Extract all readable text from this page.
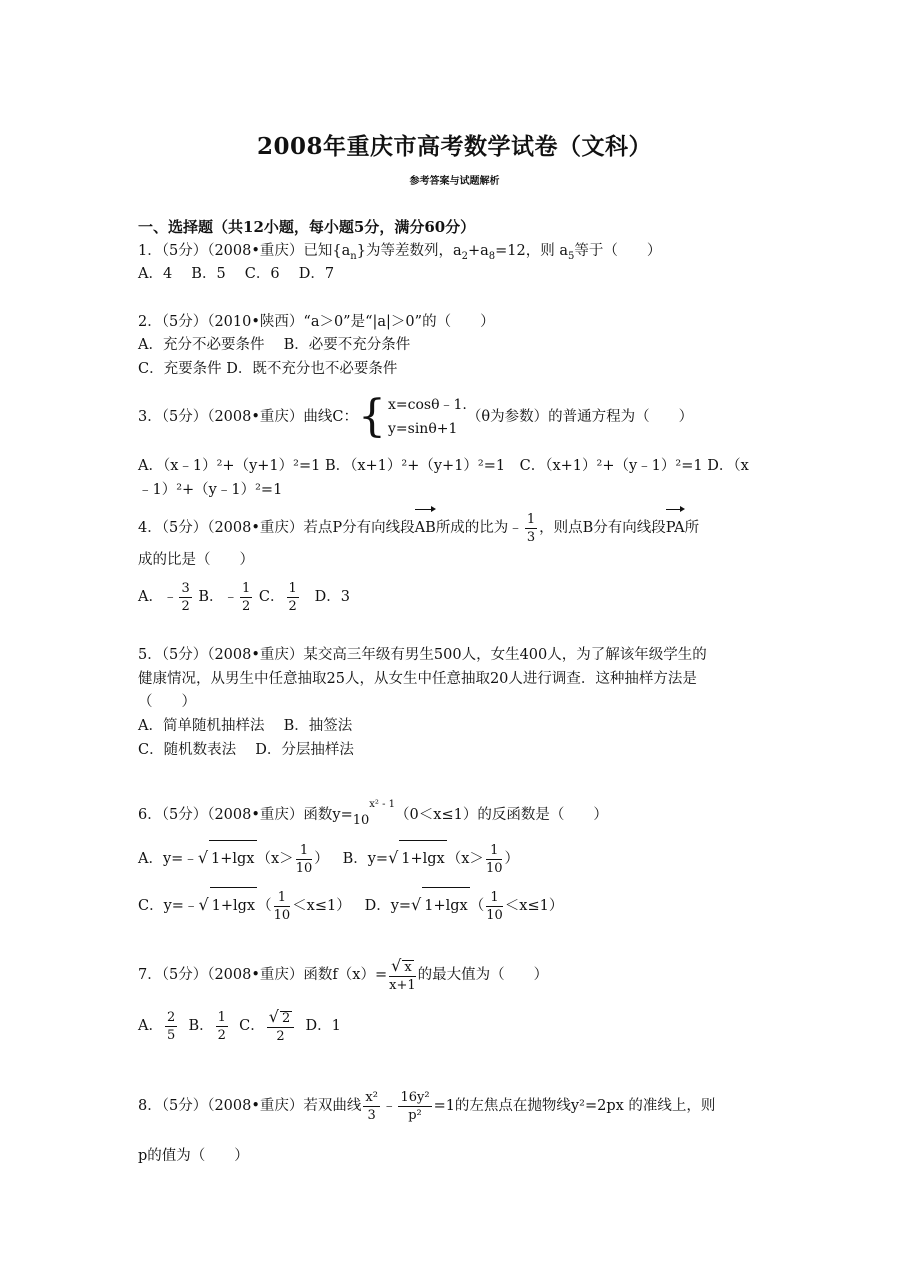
2008年重庆市高考数学试卷（文科）
参考答案与试题解析
一、选择题（共12小题，每小题5分，满分60分）
1．（5分）（2008•重庆）已知$\{a_n\}$为等差数列，$a_2+a_8=12$，则 $a_5$等于（　　）
A．4　 B．5　 C．6　 D．7
2．（5分）（2010•陕西）“a＞0”是“|a|＞0”的（　　）
A．充分不必要条件　 B．必要不充分条件
C．充要条件 D．既不充分也不必要条件
3．（5分）（2008•重庆）曲线C：{ x=cosθ﹣1.
y=sinθ+1
（θ为参数）的普通方程为（　　）
A．（x﹣1）²+（y+1）²=1 B．（x+1）²+（y+1）²=1　C．（x+1）²+（y﹣1）²=1 D．（x
﹣1）²+（y﹣1）²=1
4．（5分）（2008•重庆）若点P分有向线段AB所成的比为﹣ $\frac{1}{3}$ ，则点B分有向线段PA所
成的比是（　　）
A．﹣ $\frac{3}{2}$ B．﹣ $\frac{1}{2}$ C． $\frac{1}{2}$ D．3
5．（5分）（2008•重庆）某交高三年级有男生500人，女生400人，为了解该年级学生的
健康情况，从男生中任意抽取25人，从女生中任意抽取20人进行调查．这种抽样方法是
（　　）
A．简单随机抽样法　 B．抽签法
C．随机数表法　 D．分层抽样法
6．（5分）（2008•重庆）函数$y=10^{x^2 - 1}(0<x\le 1)$的反函数是（　　）
A．y=﹣√ 1+lgx （$x> \frac{1}{10}$ ） B．y=√ 1+lgx （$x> \frac{1}{10}$ ）
C．y=﹣√ 1+lgx （ $\frac{1}{10} <x\le 1$） D．y=√ 1+lgx （ $\frac{1}{10} <x\le 1$）
7．（5分）（2008•重庆）函数$f(x)= \frac{√ x}{x+1}$ 的最大值为（　　）
A． $\frac{2}{5}$ B． $\frac{1}{2}$ C． $\frac{√ 2}{2}$ D．1
8．（5分）（2008•重庆）若双曲线 $\frac{\text{x²}}{3}$ ﹣ $\frac{\text{16y²}}{\text{p²}} =1$的左焦点在抛物线y²=2px 的准线上，则
p的值为（　　）
